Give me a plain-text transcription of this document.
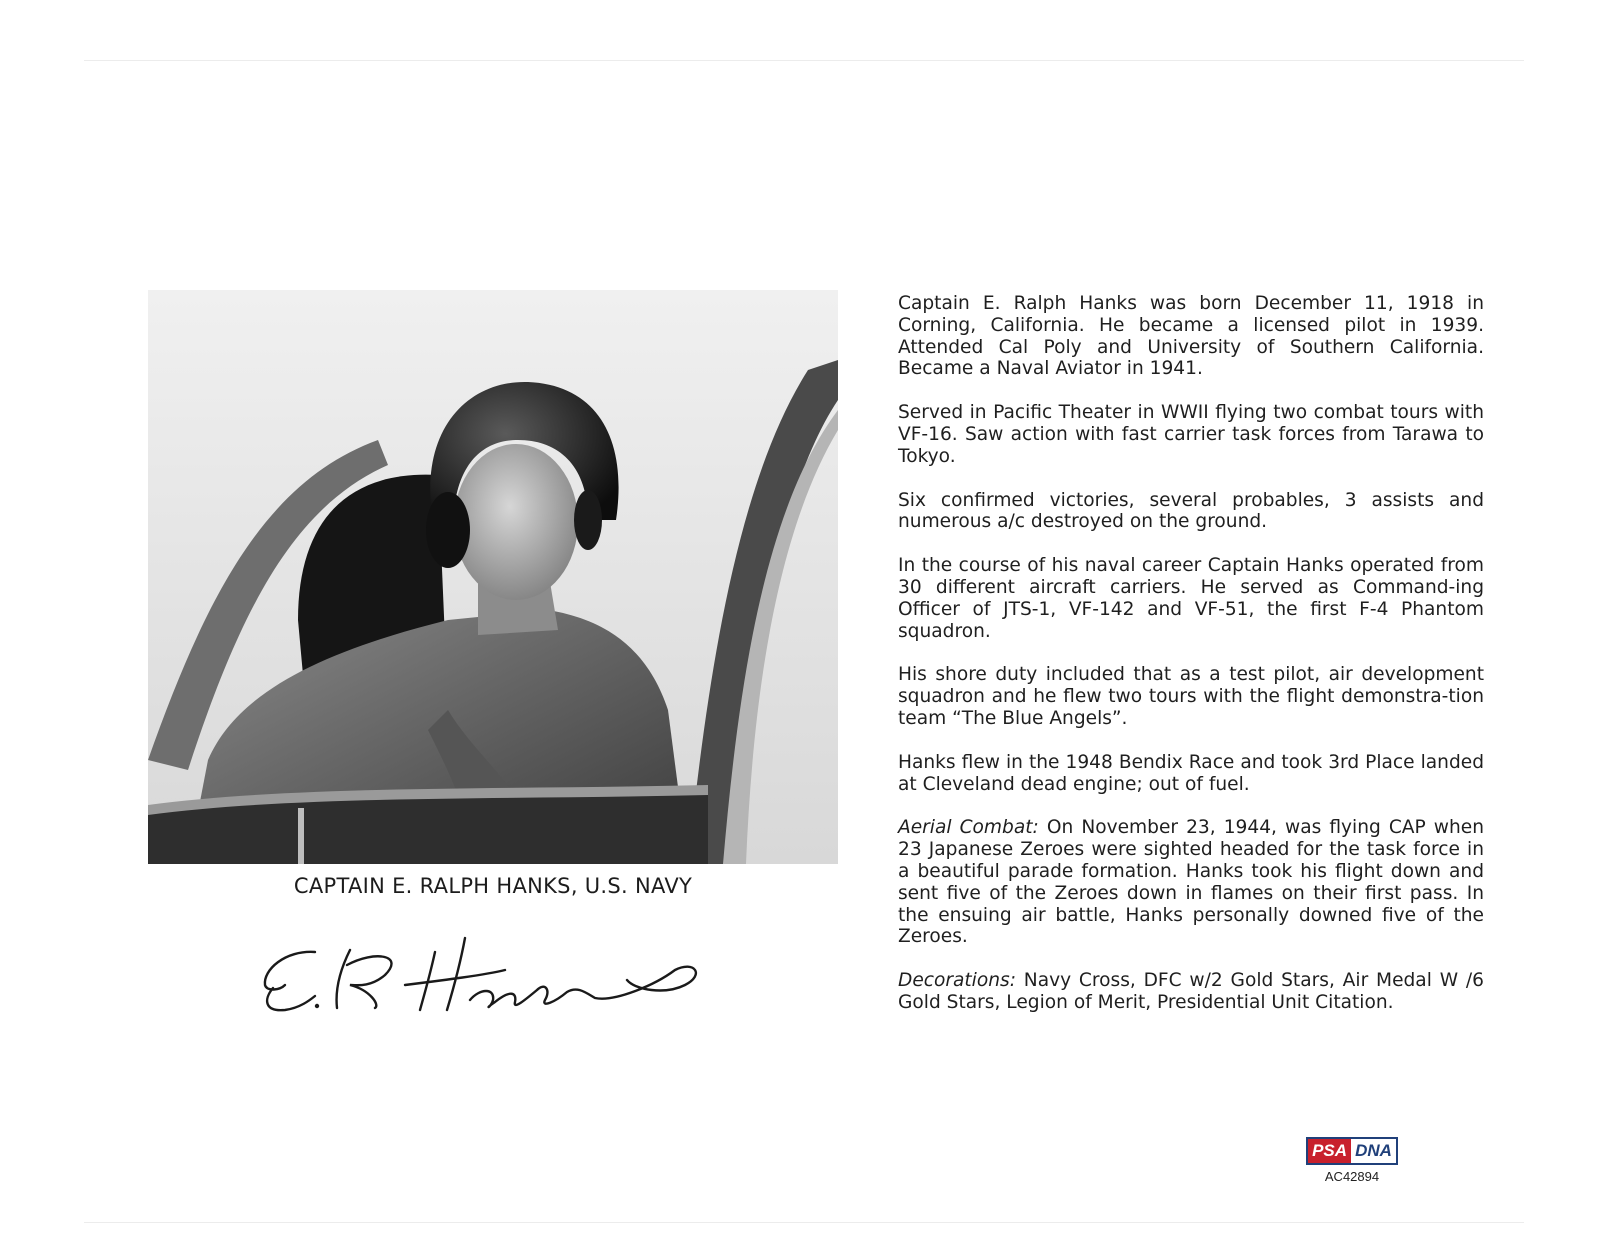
CAPTAIN E. RALPH HANKS, U.S. NAVY

Captain E. Ralph Hanks was born December 11, 1918 in Corning, California. He became a licensed pilot in 1939. Attended Cal Poly and University of Southern California. Became a Naval Aviator in 1941.

Served in Pacific Theater in WWII flying two combat tours with VF-16. Saw action with fast carrier task forces from Tarawa to Tokyo.

Six confirmed victories, several probables, 3 assists and numerous a/c destroyed on the ground.

In the course of his naval career Captain Hanks operated from 30 different aircraft carriers. He served as Command-ing Officer of JTS-1, VF-142 and VF-51, the first F-4 Phantom squadron.

His shore duty included that as a test pilot, air development squadron and he flew two tours with the flight demonstra-tion team “The Blue Angels”.

Hanks flew in the 1948 Bendix Race and took 3rd Place landed at Cleveland dead engine; out of fuel.

Aerial Combat: On November 23, 1944, was flying CAP when 23 Japanese Zeroes were sighted headed for the task force in a beautiful parade formation. Hanks took his flight down and sent five of the Zeroes down in flames on their first pass. In the ensuing air battle, Hanks personally downed five of the Zeroes.

Decorations: Navy Cross, DFC w/2 Gold Stars, Air Medal W /6 Gold Stars, Legion of Merit, Presidential Unit Citation.

PSA DNA
AC42894
